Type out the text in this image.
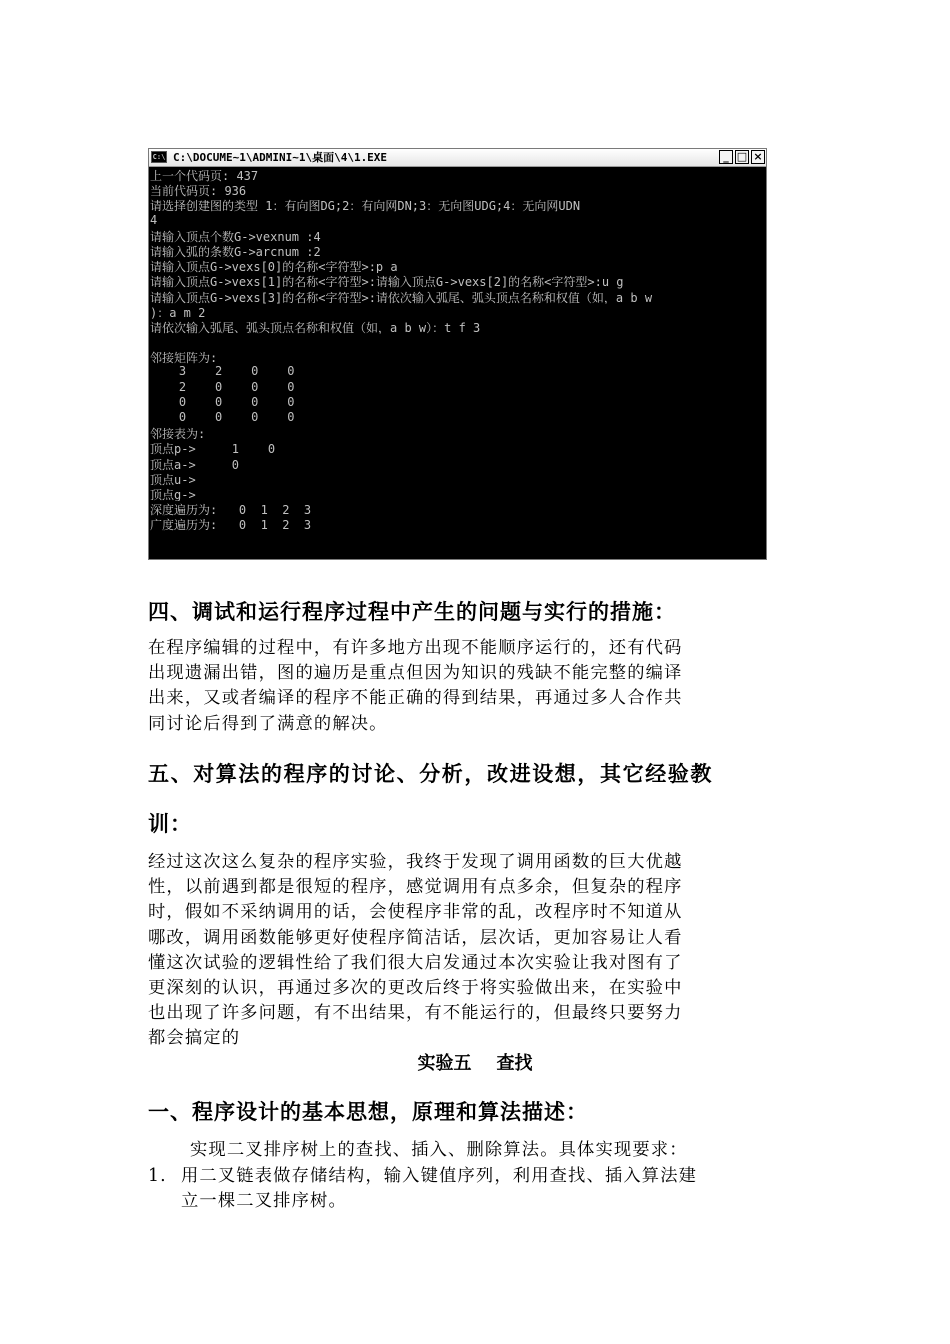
C:\ C:\DOCUME~1\ADMINI~1\桌面\4\1.EXE	_ □ ×
上一个代码页: 437
当前代码页: 936
请选择创建图的类型 1：有向图DG;2：有向网DN;3：无向图UDG;4：无向网UDN
4
请输入顶点个数G->vexnum :4
请输入弧的条数G->arcnum :2
请输入顶点G->vexs[0]的名称<字符型>:p a
请输入顶点G->vexs[1]的名称<字符型>:请输入顶点G->vexs[2]的名称<字符型>:u g
请输入顶点G->vexs[3]的名称<字符型>:请依次输入弧尾、弧头顶点名称和权值（如，a b w
)：a m 2
请依次输入弧尾、弧头顶点名称和权值（如，a b w）：t f 3
邻接矩阵为:
3    2    0    0
2    0    0    0
0    0    0    0
0    0    0    0
邻接表为:
顶点p->     1    0
顶点a->     0
顶点u->
顶点g->
深度遍历为:   0  1  2  3
广度遍历为:   0  1  2  3
四、调试和运行程序过程中产生的问题与实行的措施：
在程序编辑的过程中，有许多地方出现不能顺序运行的，还有代码
出现遗漏出错，图的遍历是重点但因为知识的残缺不能完整的编译
出来，又或者编译的程序不能正确的得到结果，再通过多人合作共
同讨论后得到了满意的解决。
五、对算法的程序的讨论、分析，改进设想，其它经验教
训：
经过这次这么复杂的程序实验，我终于发现了调用函数的巨大优越
性，以前遇到都是很短的程序，感觉调用有点多余，但复杂的程序
时，假如不采纳调用的话，会使程序非常的乱，改程序时不知道从
哪改，调用函数能够更好使程序简洁话，层次话，更加容易让人看
懂这次试验的逻辑性给了我们很大启发通过本次实验让我对图有了
更深刻的认识，再通过多次的更改后终于将实验做出来，在实验中
也出现了许多问题，有不出结果，有不能运行的，但最终只要努力
都会搞定的
实验五    查找
一、程序设计的基本思想，原理和算法描述：
实现二叉排序树上的查找、插入、删除算法。具体实现要求：
1. 用二叉链表做存储结构，输入键值序列，利用查找、插入算法建
立一棵二叉排序树。
